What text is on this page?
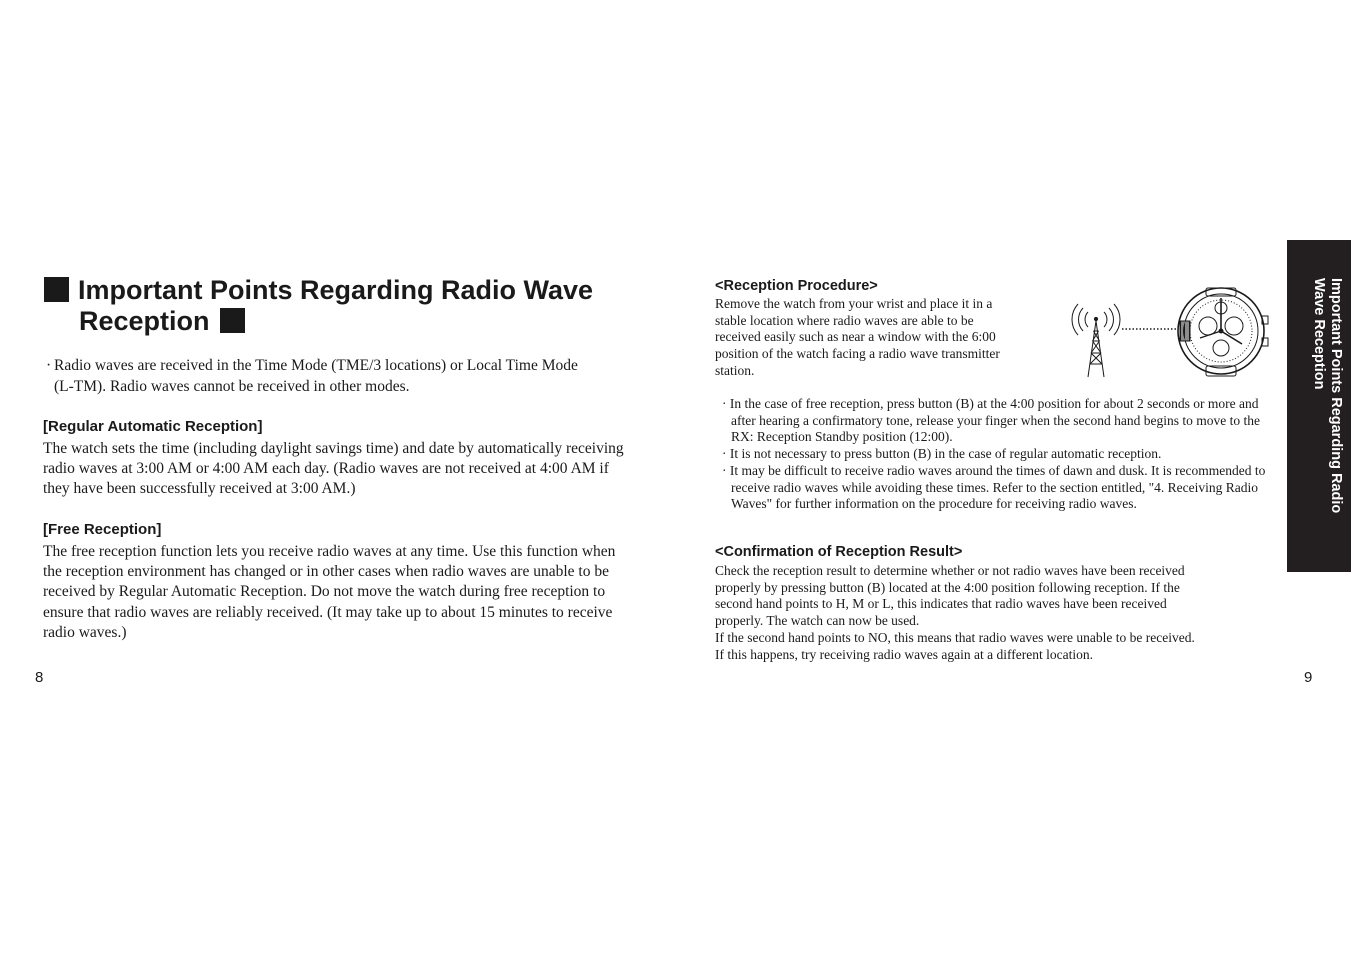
Important Points Regarding Radio Wave
Reception

· Radio waves are received in the Time Mode (TME/3 locations) or Local Time Mode
(L-TM). Radio waves cannot be received in other modes.

[Regular Automatic Reception]

The watch sets the time (including daylight savings time) and date by automatically receiving radio waves at 3:00 AM or 4:00 AM each day. (Radio waves are not received at 4:00 AM if they have been successfully received at 3:00 AM.)

[Free Reception]

The free reception function lets you receive radio waves at any time. Use this function when the reception environment has changed or in other cases when radio waves are unable to be received by Regular Automatic Reception. Do not move the watch during free reception to ensure that radio waves are reliably received. (It may take up to about 15 minutes to receive radio waves.)

8
<Reception Procedure>
Remove the watch from your wrist and place it in a
stable location where radio waves are able to be
received easily such as near a window with the 6:00
position of the watch facing a radio wave transmitter
station.
· In the case of free reception, press button (B) at the 4:00 position for about 2 seconds or more and after hearing a confirmatory tone, release your finger when the second hand begins to move to the RX: Reception Standby position (12:00).
· It is not necessary to press button (B) in the case of regular automatic reception.
· It may be difficult to receive radio waves around the times of dawn and dusk. It is recommended to receive radio waves while avoiding these times. Refer to the section entitled, "4. Receiving Radio Waves" for further information on the procedure for receiving radio waves.
<Confirmation of Reception Result>
Check the reception result to determine whether or not radio waves have been received
properly by pressing button (B) located at the 4:00 position following reception. If the
second hand points to H, M or L, this indicates that radio waves have been received
properly. The watch can now be used.
If the second hand points to NO, this means that radio waves were unable to be received.
If this happens, try receiving radio waves again at a different location.
9
Important Points Regarding Radio
Wave Reception
